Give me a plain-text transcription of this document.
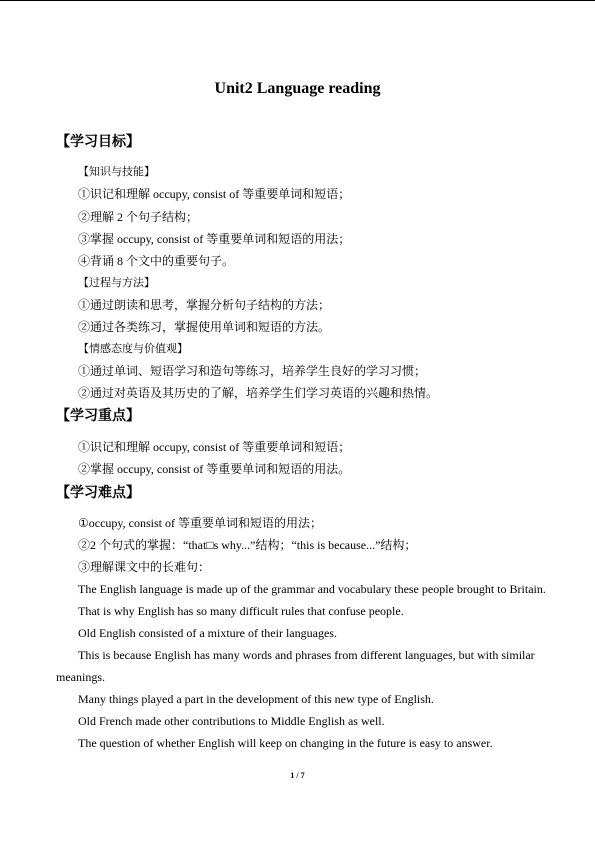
Unit2 Language reading
【学习目标】
【知识与技能】
①识记和理解 occupy, consist of 等重要单词和短语；
②理解 2 个句子结构；
③掌握 occupy, consist of 等重要单词和短语的用法；
④背诵 8 个文中的重要句子。
【过程与方法】
①通过朗读和思考，掌握分析句子结构的方法；
②通过各类练习，掌握使用单词和短语的方法。
【情感态度与价值观】
①通过单词、短语学习和造句等练习，培养学生良好的学习习惯；
②通过对英语及其历史的了解，培养学生们学习英语的兴趣和热情。
【学习重点】
①识记和理解 occupy, consist of 等重要单词和短语；
②掌握 occupy, consist of 等重要单词和短语的用法。
【学习难点】
①occupy, consist of 等重要单词和短语的用法；
②2 个句式的掌握：“that□s why...”结构；“this is because...”结构；
③理解课文中的长难句：
The English language is made up of the grammar and vocabulary these people brought to Britain.
That is why English has so many difficult rules that confuse people.
Old English consisted of a mixture of their languages.
This is because English has many words and phrases from different languages, but with similar meanings.
Many things played a part in the development of this new type of English.
Old French made other contributions to Middle English as well.
The question of whether English will keep on changing in the future is easy to answer.
1 / 7
